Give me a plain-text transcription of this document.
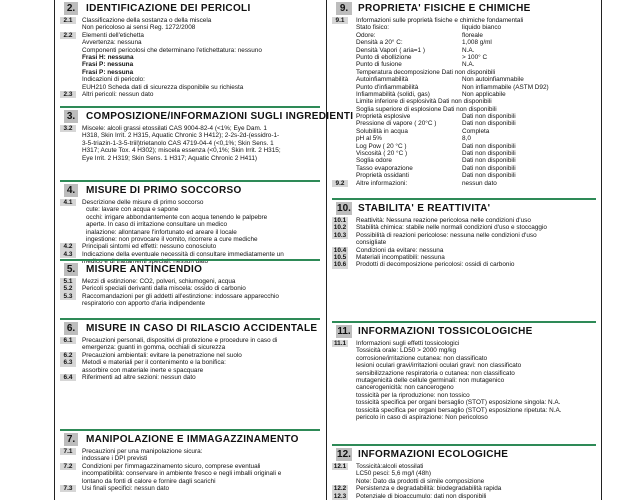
2. IDENTIFICAZIONE DEI PERICOLI
2.1	Classificazione della sostanza o della miscela
Non pericoloso ai sensi Reg. 1272/2008
2.2	Elementi dell'etichetta
Avvertenza: nessuna
Componenti pericolosi che determinano l'etichettatura: nessuno
Frasi H: nessuna
Frasi P: nessuna
Frasi P: nessuna
Indicazioni di pericolo:
EUH210 Scheda dati di sicurezza disponibile su richiesta
2.3	Altri pericoli: nessun dato
3. COMPOSIZIONE/INFORMAZIONI SUGLI INGREDIENTI
3.2	Miscele: alcoli grassi etossilati CAS 9004-82-4 (<1%; Eye Dam. 1
H318, Skin Irrit. 2 H315, Aquatic Chronic 3 H412); 2-2s-2d-(essidro-1-
3-5-triazin-1-3-5-triil)trietanolo CAS 4719-04-4 (<0,1%; Skin Sens. 1
H317; Acute Tox. 4 H302); miscela essenza (<0,1%; Skin Irrit. 2 H315;
Eye Irrit. 2 H319; Skin Sens. 1 H317; Aquatic Chronic 2 H411)
4. MISURE DI PRIMO SOCCORSO
4.1	Descrizione delle misure di primo soccorso
cute: lavare con acqua e sapone
occhi: irrigare abbondantemente con acqua tenendo le palpebre
aperte. In caso di irritazione consultare un medico
inalazione: allontanare l'infortunato ed areare il locale
ingestione: non provocare il vomito, ricorrere a cure mediche
4.2	Principali sintomi ed effetti: nessuno conosciuto
4.3	Indicazione della eventuale necessità di consultare immediatamente un
medico e di trattamenti speciali: nessun dato
5. MISURE ANTINCENDIO
5.1	Mezzi di estinzione: CO2, polveri, schiumogeni, acqua
5.2	Pericoli speciali derivanti dalla miscela: ossido di carbonio
5.3	Raccomandazioni per gli addetti all'estinzione: indossare apparecchio
respiratorio con apporto d'aria indipendente
6. MISURE IN CASO DI RILASCIO ACCIDENTALE
6.1	Precauzioni personali, dispositivi di protezione e procedure in caso di
emergenza: guanti in gomma, occhiali di sicurezza
6.2	Precauzioni ambientali: evitare la penetrazione nel suolo
6.3	Metodi e materiali per il contenimento e la bonifica:
assorbire con materiale inerte e spacquare
6.4	Riferimenti ad altre sezioni: nessun dato
7. MANIPOLAZIONE E IMMAGAZZINAMENTO
7.1	Precauzioni per una manipolazione sicura:
indossare i DPI previsti
7.2	Condizioni per l'immagazzinamento sicuro, comprese eventuali
incompatibilità: conservare in ambiente fresco e negli imballi originali e
lontano da fonti di calore e fornire dagli scarichi
7.3	Usi finali specifici: nessun dato
9. PROPRIETA' FISICHE E CHIMICHE
9.1	Informazioni sulle proprietà fisiche e chimiche fondamentali
Stato fisico:	liquido bianco
Odore:	floreale
Densità a 20° C:	1,008 g/ml
Densità Vapori ( aria=1 )	N.A.
Punto di ebollizione	> 100° C
Punto di fusione	N.A.
Temperatura decomposizione Dati non disponibili
Autoinfiammabilità	Non autoinfiammabile
Punto d'infiammabilità	Non infiammabile (ASTM D92)
Infiammabilità (solidi, gas)	Non applicabile
Limite inferiore di esplosività Dati non disponibili
Soglia superiore di esplosione Dati non disponibili
Proprietà esplosive	Dati non disponibili
Pressione di vapore ( 20°C )	Dati non disponibili
Solubilità in acqua	Completa
pH al 5%	8,0
Log Pow ( 20 °C )	Dati non disponibili
Viscosità ( 20 °C )	Dati non disponibili
Soglia odore	Dati non disponibili
Tasso evaporazione	Dati non disponibili
Proprietà ossidanti	Dati non disponibili
9.2	Altre informazioni:	nessun dato
10. STABILITA' E REATTIVITA'
10.1 Reattività: Nessuna reazione pericolosa nelle condizioni d'uso
10.2 Stabilità chimica: stabile nelle normali condizioni d'uso e stoccaggio
10.3 Possibilità di reazioni pericolose: nessuna nelle condizioni d'uso
consigliate
10.4 Condizioni da evitare: nessuna
10.5 Materiali incompatibili: nessuna
10.6 Prodotti di decomposizione pericolosi: ossidi di carbonio
11. INFORMAZIONI TOSSICOLOGICHE
11.1	Informazioni sugli effetti tossicologici
Tossicità orale: LD50 > 2000 mg/kg
corrosione/irritazione cutanea: non classificato
lesioni oculari gravi/irritazioni oculari gravi: non classificato
sensibilizzazione respiratoria o cutanea: non classificato
mutagenicità delle cellule germinali: non mutagenico
cancerogenicità: non cancerogeno
tossicità per la riproduzione: non tossico
tossicità specifica per organi bersaglio (STOT) esposizione singola: N.A.
tossicità specifica per organi bersaglio (STOT) esposizione ripetuta: N.A.
pericolo in caso di aspirazione: Non pericoloso
12. INFORMAZIONI ECOLOGICHE
12.1 Tossicità:alcoli etossilati
LC50 pesci: 5,6 mg/l (48h)
Note: Dato da prodotti di simile composizione
12.2 Persistenza e degradabilità: biodegradabilità rapida
12.3 Potenziale di bioaccumulo: dati non disponibili
